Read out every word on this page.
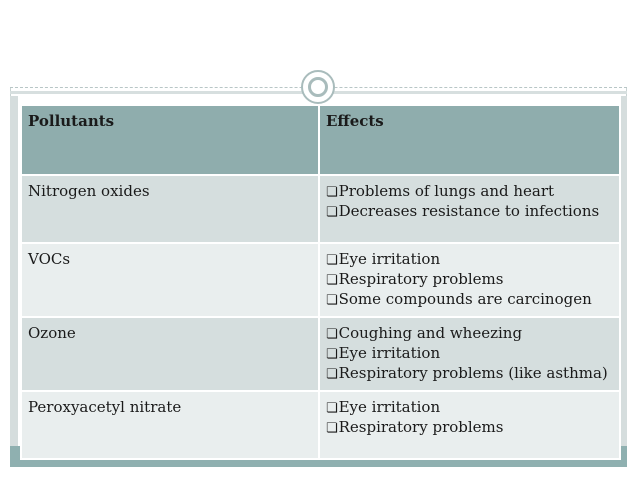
Pollutants	Effects
Nitrogen oxides	❏ Problems of lungs and heart
❏ Decreases resistance to infections

VOCs	❏ Eye irritation
❏ Respiratory problems
❏ Some compounds are carcinogen

Ozone	❏ Coughing and wheezing
❏ Eye irritation
❏ Respiratory problems (like asthma)

Peroxyacetyl nitrate	❏ Eye irritation
❏ Respiratory problems
